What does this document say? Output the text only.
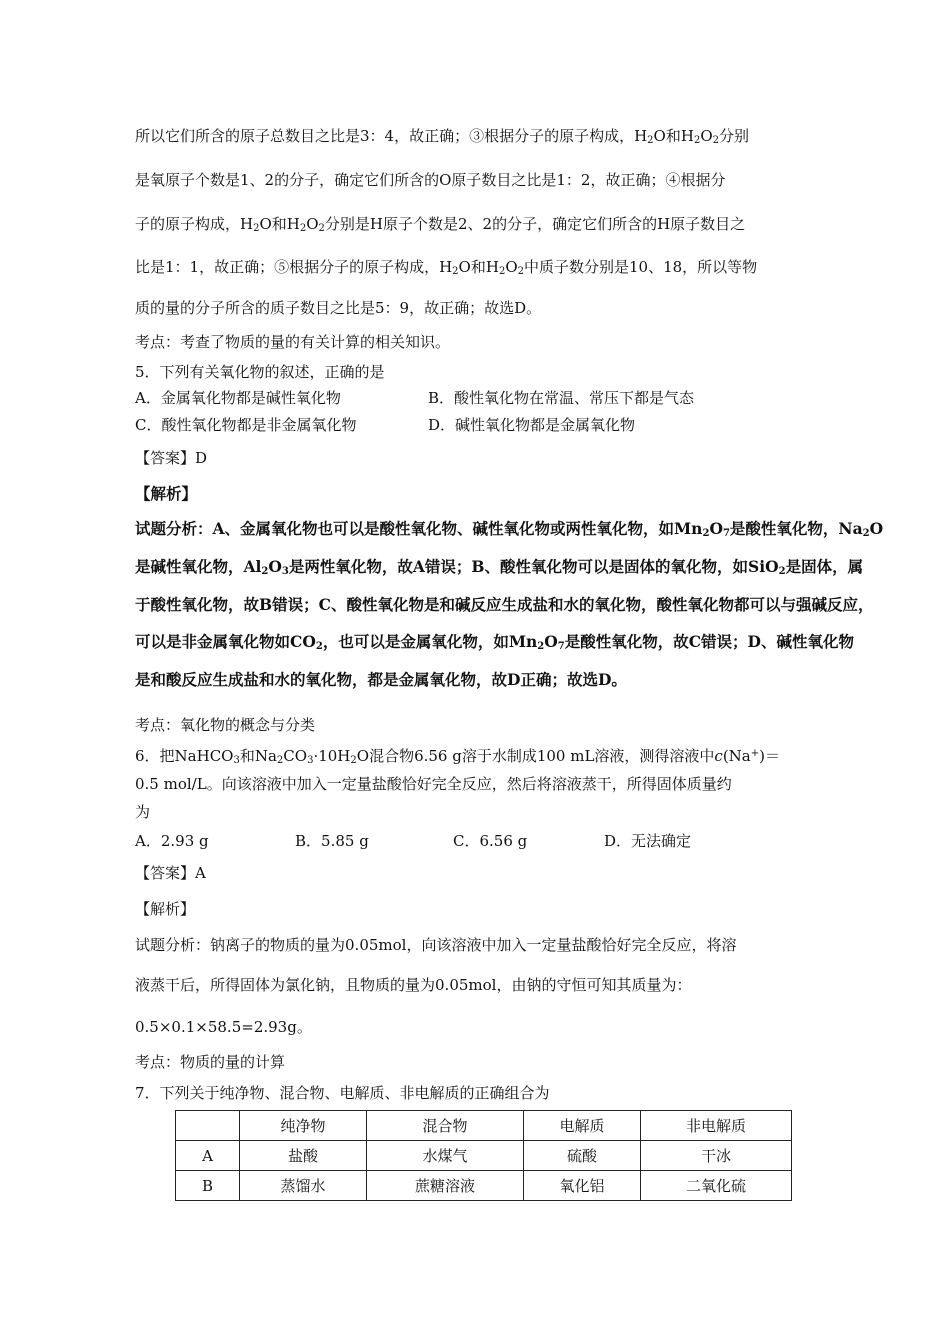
所以它们所含的原子总数目之比是3：4，故正确；③根据分子的原子构成，$H_2O$和$H_2O_2$分别
是氧原子个数是1、2的分子，确定它们所含的O原子数目之比是1：2，故正确；④根据分
子的原子构成，$H_2O$和$H_2O_2$分别是H原子个数是2、2的分子，确定它们所含的H原子数目之
比是1：1，故正确；⑤根据分子的原子构成，$H_2O$和$H_2O_2$中质子数分别是10、18，所以等物
质的量的分子所含的质子数目之比是5：9，故正确；故选D。
考点：考查了物质的量的有关计算的相关知识。
5．下列有关氧化物的叙述，正确的是
A．金属氧化物都是碱性氧化物	B．酸性氧化物在常温、常压下都是气态
C．酸性氧化物都是非金属氧化物	D．碱性氧化物都是金属氧化物
【答案】D
【解析】
试题分析：A、金属氧化物也可以是酸性氧化物、碱性氧化物或两性氧化物，如$Mn_2O_7$是酸性氧化物，$Na_2O$
是碱性氧化物，$Al_2O_3$是两性氧化物，故A错误；B、酸性氧化物可以是固体的氧化物，如SiO$_2$是固体，属
于酸性氧化物，故B错误；C、酸性氧化物是和碱反应生成盐和水的氧化物，酸性氧化物都可以与强碱反应，
可以是非金属氧化物如$CO_2$，也可以是金属氧化物，如$Mn_2O_7$是酸性氧化物，故C错误；D、碱性氧化物
是和酸反应生成盐和水的氧化物，都是金属氧化物，故D正确；故选D。
考点：氧化物的概念与分类
6．把NaHCO$_3$和$Na_2CO_3\cdot 10H_2O$混合物6.56 g溶于水制成100 mL溶液，测得溶液中c(Na+)＝
0.5 mol/L。向该溶液中加入一定量盐酸恰好完全反应，然后将溶液蒸干，所得固体质量约
为
A．2.93 g	B．5.85 g	C．6.56 g	D．无法确定
【答案】A
【解析】
试题分析：钠离子的物质的量为0.05mol，向该溶液中加入一定量盐酸恰好完全反应，将溶
液蒸干后，所得固体为氯化钠，且物质的量为0.05mol，由钠的守恒可知其质量为：
0.5×0.1×58.5=2.93g。
考点：物质的量的计算
7．下列关于纯净物、混合物、电解质、非电解质的正确组合为
	纯净物	混合物	电解质	非电解质
A	盐酸	水煤气	硫酸	干冰
B	蒸馏水	蔗糖溶液	氧化铝	二氧化硫
